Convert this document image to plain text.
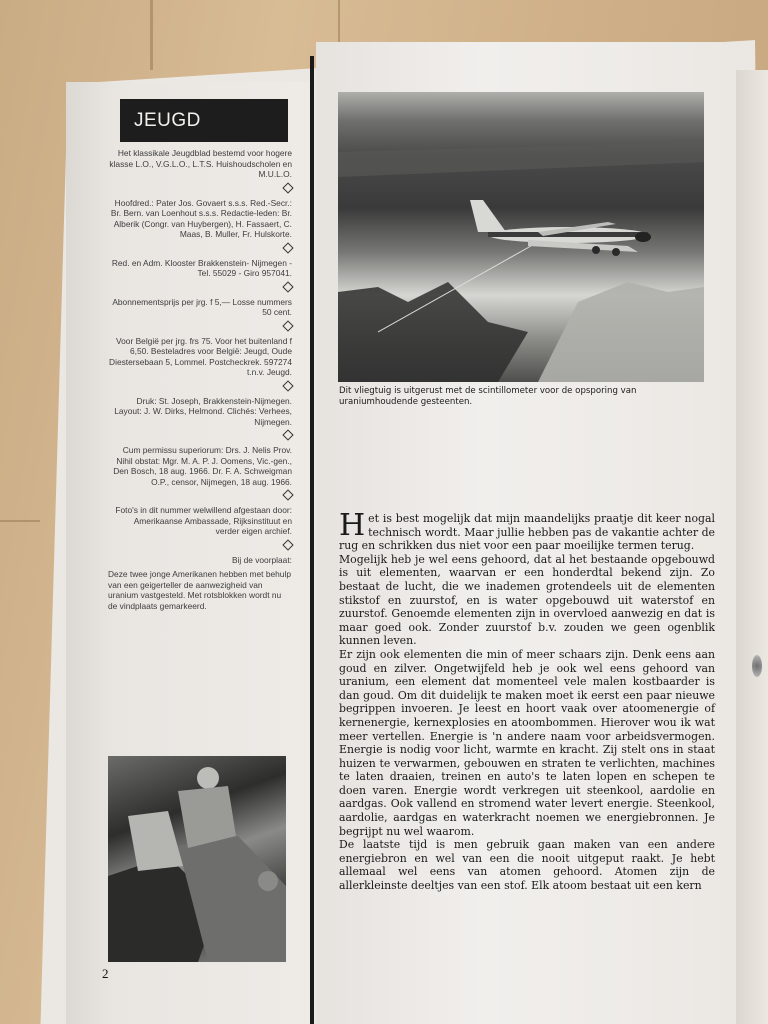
JEUGD
Het klassikale Jeugdblad bestemd voor hogere klasse L.O., V.G.L.O., L.T.S. Huishoudscholen en M.U.L.O.
Hoofdred.: Pater Jos. Govaert s.s.s. Red.-Secr.: Br. Bern. van Loenhout s.s.s. Redactie-leden: Br. Alberik (Congr. van Huybergen), H. Fassaert, C. Maas, B. Muller, Fr. Hulskorte.
Red. en Adm. Klooster Brakkenstein- Nijmegen - Tel. 55029 - Giro 957041.
Abonnementsprijs per jrg. f 5,— Losse nummers 50 cent.
Voor België per jrg. frs 75. Voor het buitenland f 6,50. Besteladres voor België: Jeugd, Oude Diestersebaan 5, Lommel. Postcheckrek. 597274 t.n.v. Jeugd.
Druk: St. Joseph, Brakkenstein-Nijmegen. Layout: J. W. Dirks, Helmond. Clichés: Verhees, Nijmegen.
Cum permissu superiorum: Drs. J. Nelis Prov. Nihil obstat: Mgr. M. A. P. J. Oomens, Vic.-gen., Den Bosch, 18 aug. 1966. Dr. F. A. Schweigman O.P., censor, Nijmegen, 18 aug. 1966.
Foto's in dit nummer welwillend afgestaan door: Amerikaanse Ambassade, Rijksinstituut en verder eigen archief.
Bij de voorplaat:
Deze twee jonge Amerikanen hebben met behulp van een geigerteller de aanwezigheid van uranium vastgesteld. Met rotsblokken wordt nu de vindplaats gemarkeerd.
Dit vliegtuig is uitgerust met de scintillometer voor de opsporing van uraniumhoudende gesteenten.
2

Het is best mogelijk dat mijn maandelijks praatje dit keer nogal technisch wordt. Maar jullie hebben pas de vakantie achter de rug en schrikken dus niet voor een paar moeilijke termen terug.

Mogelijk heb je wel eens gehoord, dat al het bestaande opgebouwd is uit elementen, waarvan er een honderdtal bekend zijn. Zo bestaat de lucht, die we inademen grotendeels uit de elementen stikstof en zuurstof, en is water opgebouwd uit waterstof en zuurstof. Genoemde elementen zijn in overvloed aanwezig en dat is maar goed ook. Zonder zuurstof b.v. zouden we geen ogenblik kunnen leven.

Er zijn ook elementen die min of meer schaars zijn. Denk eens aan goud en zilver. Ongetwijfeld heb je ook wel eens gehoord van uranium, een element dat momenteel vele malen kostbaarder is dan goud. Om dit duidelijk te maken moet ik eerst een paar nieuwe begrippen invoeren. Je leest en hoort vaak over atoomenergie of kernenergie, kernexplosies en atoombommen. Hierover wou ik wat meer vertellen. Energie is 'n andere naam voor arbeidsvermogen. Energie is nodig voor licht, warmte en kracht. Zij stelt ons in staat huizen te verwarmen, gebouwen en straten te verlichten, machines te laten draaien, treinen en auto's te laten lopen en schepen te doen varen. Energie wordt verkregen uit steenkool, aardolie en aardgas. Ook vallend en stromend water levert energie. Steenkool, aardolie, aardgas en waterkracht noemen we energiebronnen. Je begrijpt nu wel waarom.

De laatste tijd is men gebruik gaan maken van een andere energiebron en wel van een die nooit uitgeput raakt. Je hebt allemaal wel eens van atomen gehoord. Atomen zijn de allerkleinste deeltjes van een stof. Elk atoom bestaat uit een kern
